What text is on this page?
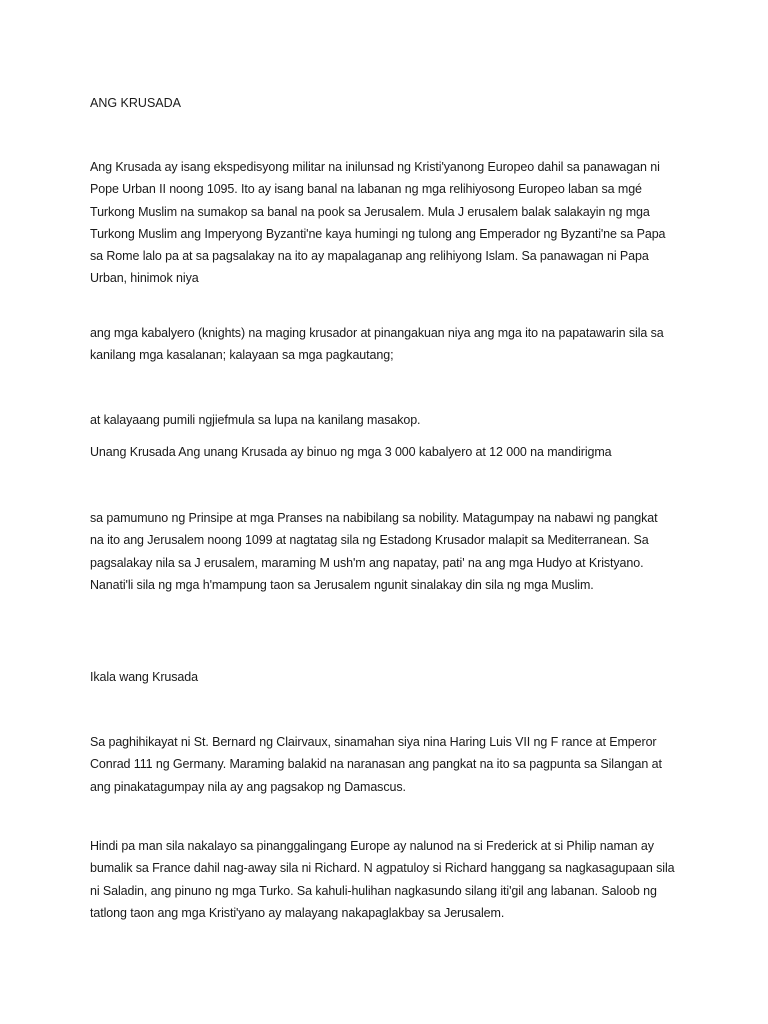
ANG KRUSADA

Ang Krusada ay isang ekspedisyong militar na inilunsad ng Kristi'yanong Europeo dahil sa panawagan ni
Pope Urban II noong 1095. Ito ay isang banal na labanan ng mga relihiyosong Europeo laban sa mgé
Turkong Muslim na sumakop sa banal na pook sa Jerusalem. Mula J erusalem balak salakayin ng mga
Turkong Muslim ang Imperyong Byzanti'ne kaya humingi ng tulong ang Emperador ng Byzanti'ne sa Papa
sa Rome lalo pa at sa pagsalakay na ito ay mapalaganap ang relihiyong Islam. Sa panawagan ni Papa
Urban, hinimok niya

ang mga kabalyero (knights) na maging krusador at pinangakuan niya ang mga ito na papatawarin sila sa
kanilang mga kasalanan; kalayaan sa mga pagkautang;

at kalayaang pumili ngjiefmula sa lupa na kanilang masakop.

Unang Krusada Ang unang Krusada ay binuo ng mga 3 000 kabalyero at 12 000 na mandirigma

sa pamumuno ng Prinsipe at mga Pranses na nabibilang sa nobility. Matagumpay na nabawi ng pangkat
na ito ang Jerusalem noong 1099 at nagtatag sila ng Estadong Krusador malapit sa Mediterranean. Sa
pagsalakay nila sa J erusalem, maraming M ush'm ang napatay, pati' na ang mga Hudyo at Kristyano.
Nanati'li sila ng mga h'mampung taon sa Jerusalem ngunit sinalakay din sila ng mga Muslim.

Ikala wang Krusada

Sa paghihikayat ni St. Bernard ng Clairvaux, sinamahan siya nina Haring Luis VII ng F rance at Emperor
Conrad 111 ng Germany. Maraming balakid na naranasan ang pangkat na ito sa pagpunta sa Silangan at
ang pinakatagumpay nila ay ang pagsakop ng Damascus.

Hindi pa man sila nakalayo sa pinanggalingang Europe ay nalunod na si Frederick at si Philip naman ay
bumalik sa France dahil nag-away sila ni Richard. N agpatuloy si Richard hanggang sa nagkasagupaan sila
ni Saladin, ang pinuno ng mga Turko. Sa kahuli-hulihan nagkasundo silang iti'gil ang labanan. Saloob ng
tatlong taon ang mga Kristi'yano ay malayang nakapaglakbay sa Jerusalem.
